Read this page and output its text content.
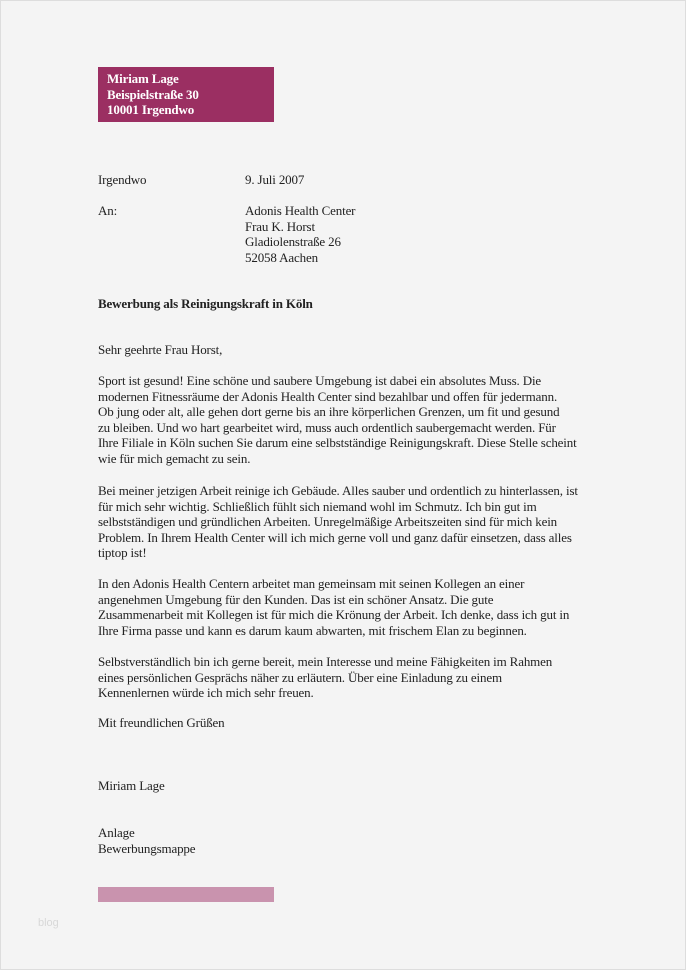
Miriam Lage
Beispielstraße 30
10001 Irgendwo
Irgendwo	9. Juli 2007
An:	Adonis Health Center
Frau K. Horst
Gladiolenstraße 26
52058 Aachen
Bewerbung als Reinigungskraft in Köln
Sehr geehrte Frau Horst,
Sport ist gesund! Eine schöne und saubere Umgebung ist dabei ein absolutes Muss. Die
modernen Fitnessräume der Adonis Health Center sind bezahlbar und offen für jedermann.
Ob jung oder alt, alle gehen dort gerne bis an ihre körperlichen Grenzen, um fit und gesund
zu bleiben. Und wo hart gearbeitet wird, muss auch ordentlich saubergemacht werden. Für
Ihre Filiale in Köln suchen Sie darum eine selbstständige Reinigungskraft. Diese Stelle scheint
wie für mich gemacht zu sein.
Bei meiner jetzigen Arbeit reinige ich Gebäude. Alles sauber und ordentlich zu hinterlassen, ist
für mich sehr wichtig. Schließlich fühlt sich niemand wohl im Schmutz. Ich bin gut im
selbstständigen und gründlichen Arbeiten. Unregelmäßige Arbeitszeiten sind für mich kein
Problem. In Ihrem Health Center will ich mich gerne voll und ganz dafür einsetzen, dass alles
tiptop ist!
In den Adonis Health Centern arbeitet man gemeinsam mit seinen Kollegen an einer
angenehmen Umgebung für den Kunden. Das ist ein schöner Ansatz. Die gute
Zusammenarbeit mit Kollegen ist für mich die Krönung der Arbeit. Ich denke, dass ich gut in
Ihre Firma passe und kann es darum kaum abwarten, mit frischem Elan zu beginnen.
Selbstverständlich bin ich gerne bereit, mein Interesse und meine Fähigkeiten im Rahmen
eines persönlichen Gesprächs näher zu erläutern. Über eine Einladung zu einem
Kennenlernen würde ich mich sehr freuen.
Mit freundlichen Grüßen
Miriam Lage
Anlage
Bewerbungsmappe
blog
